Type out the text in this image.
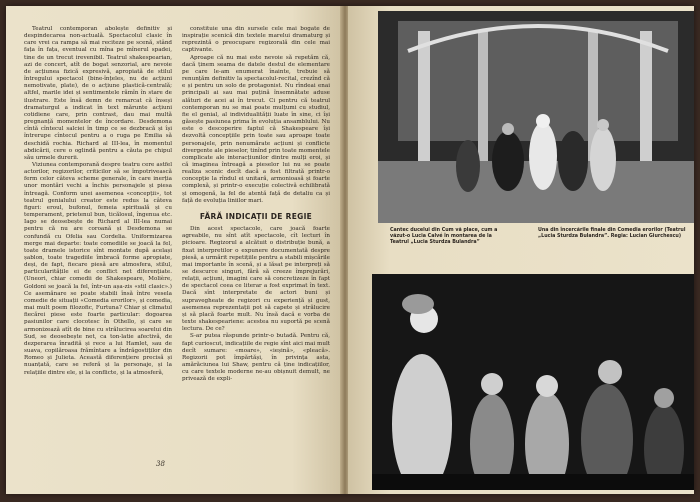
Teatrul contemporan abolește definitiv și despindecarea non-actuală. Spectacolul clasic în care vrei ca rampa să mai reciteze pe scenă, stând fața în fața, eventual cu mîna pe mînerul spadei, tine de un trecut irevenibil. Teatrul shakespearian, azi de concert, atît de bogat senzorial, are nevoie de acțiunea fizică expresivă, apropiată de stilul întregului spectacol (bine-înțeles, nu de acțiuni nemotivate, plate), de o acțiune plastică-centrală; altfel, marile idei și sentimentele rămîn în stare de ilustrare. Este însă demn de remarcat că înseși dramaturgul a indicat în text mărunte acțiuni cotidiene care, prin contrast, dau mai multă pregnanță momentelor de încordare. Desdemona cîntă cîntecul salciei în timp ce se dezbracă și își întrerupe cîntecul pentru a o ruga pe Emilia să deschidă rochia. Richard al III-lea, în momentul abdicării, cere o oglindă pentru a căuta pe chipul său urmele durerii.

Viziunea contemporană despre teatru cere astfel actorilor, regizorilor, criticilor să se împotrivească ferm celor câteva scheme generale, în care inerția unor montări vechi a închis personajele și piesa întreagă. Conform unei asemenea «concepții», tot teatrul genialului creator este redus la câteva figuri: eroul, bufonul, femeia spirituală și cu temperament, prietenul bun, ticălosul, îngenua etc. Iago se deosebește de Richard al III-lea numai pentru că nu are coroană și Desdemona se confundă cu Ofelia sau Cordelia. Uniformizarea merge mai departe: toate comediile se joacă la fel, toate dramele istorice sînt montate după același șablon, toate tragediile îmbracă forme apropiate, deși, de fapt, fiecare piesă are atmosfera, stilul, particularitățile ei de conflict net diferențiate. (Uneori, chiar comedii de Shakespeare, Molière, Goldoni se joacă la fel, într-un așa-zis «stil clasic».) Ce asemănare se poate stabili însă între vesela comedie de situații «Comedia erorilor», și comedia, mai mult poem filozofic, Furtuna? Chiar și climatul fiecărei piese este foarte particular: dogoarea pasiunilor care clocotesc în Othello, și care se armonizează atît de bine cu strălucirea soarelui din Sud, se deosebește net, ca ton-latie afectivă, de dezperarea înradită și rece a lui Hamlet, sau de suava, copilăroasa frămîntare a îndrăgostiților din Romeo și Julieta. Această diferențiere precisă și nuanțată, care se referă și la personaje, și la relațiile dintre ele, și la conflicte, și la atmosferă,

constituie una din sursele cele mai bogate de inspirație scenică din textele marelui dramaturg și reprezintă o preocupare regizorală din cele mai captivante.

Aproape că nu mai este nevoie să repetăm că, dacă ținem seama de datele destul de elementare pe care le-am enumerat înainte, trebuie să renunțăm definitiv la spectacolul-recital, crezînd că e și pentru un solo de protagonist. Nu rîndeai enai principali ai sau mai puțină însemnătate aduse alături de acei ai în trecut. Ci pentru că teatrul contemporan nu se mai poate mulțumi cu studiul, fie el genial, al individualității luate în sine, ci își găsește pasiunea prima în evoluția ansamblului. Nu este o descoperire faptul că Shakespeare își dezvoltă concepțiile prin toate sau aproape toate personajele, prin nenumărate acțiuni și conflicte divergente ale pieselor, tinînd prin toate momentele complicate ale interacțiunilor dintre mulți eroi, și că imaginea întreagă a pieselor lui nu se poate realiza scenic decît dacă a fost filtrată printr-o concepție la rîndul ei unitară, armonioasă și foarte complexă, și printr-o execuție colectivă echilibrată și omogenă, la fel de atentă față de detaliu ca și față de evoluția liniilor mari.

FĂRĂ INDICAȚII DE REGIE

Din acest spectacole, care joacă foarte agreabile, nu sînt atît spectacole, cît lecturi în picioare. Regizorul a alcătuit o distribuție bună, a fixat interpretilor o expunere documentată despre piesă, a urmărit repetițiile pentru a stabili mișcările mai importante în scenă, și a lăsat pe interpreți să se descurce singuri, fără să creeze împrejurări, relații, acțiuni, imagini care să concretizeze în fapt de spectacol ceea ce literar a fost exprimat în text. Dacă sînt interpretate de actori buni și supravegheate de regizori cu experiență și gust, asemenea reprezentații pot să capete și strălucire și să placă foarte mult. Nu însă dacă e vorba de texte shakespeariene: acestea nu suportă pe scenă lectura. De ce?

S-ar putea răspunde printr-o butadă. Pentru că, fapt curioscut, indicațiile de regie sînt aici mai mult decît sumare: «moare», «ieșină», «pleacă». Regizorii pot împărtăși, în privința asta, amărăciunea lui Shaw, pentru că ține indicațiilor, cu care textele moderne ne-au obișnuit demult, ne privează de expli-

38
Cantec ducelui din Cum vă place, cum a văzut-o Lucia Calvé în montarea de la Teatrul „Lucia Sturdza Bulandra”
Una din încercările finale din Comedia erorilor (Teatrul „Lucia Sturdza Bulandra”. Regia: Lucian Giurchescu)
